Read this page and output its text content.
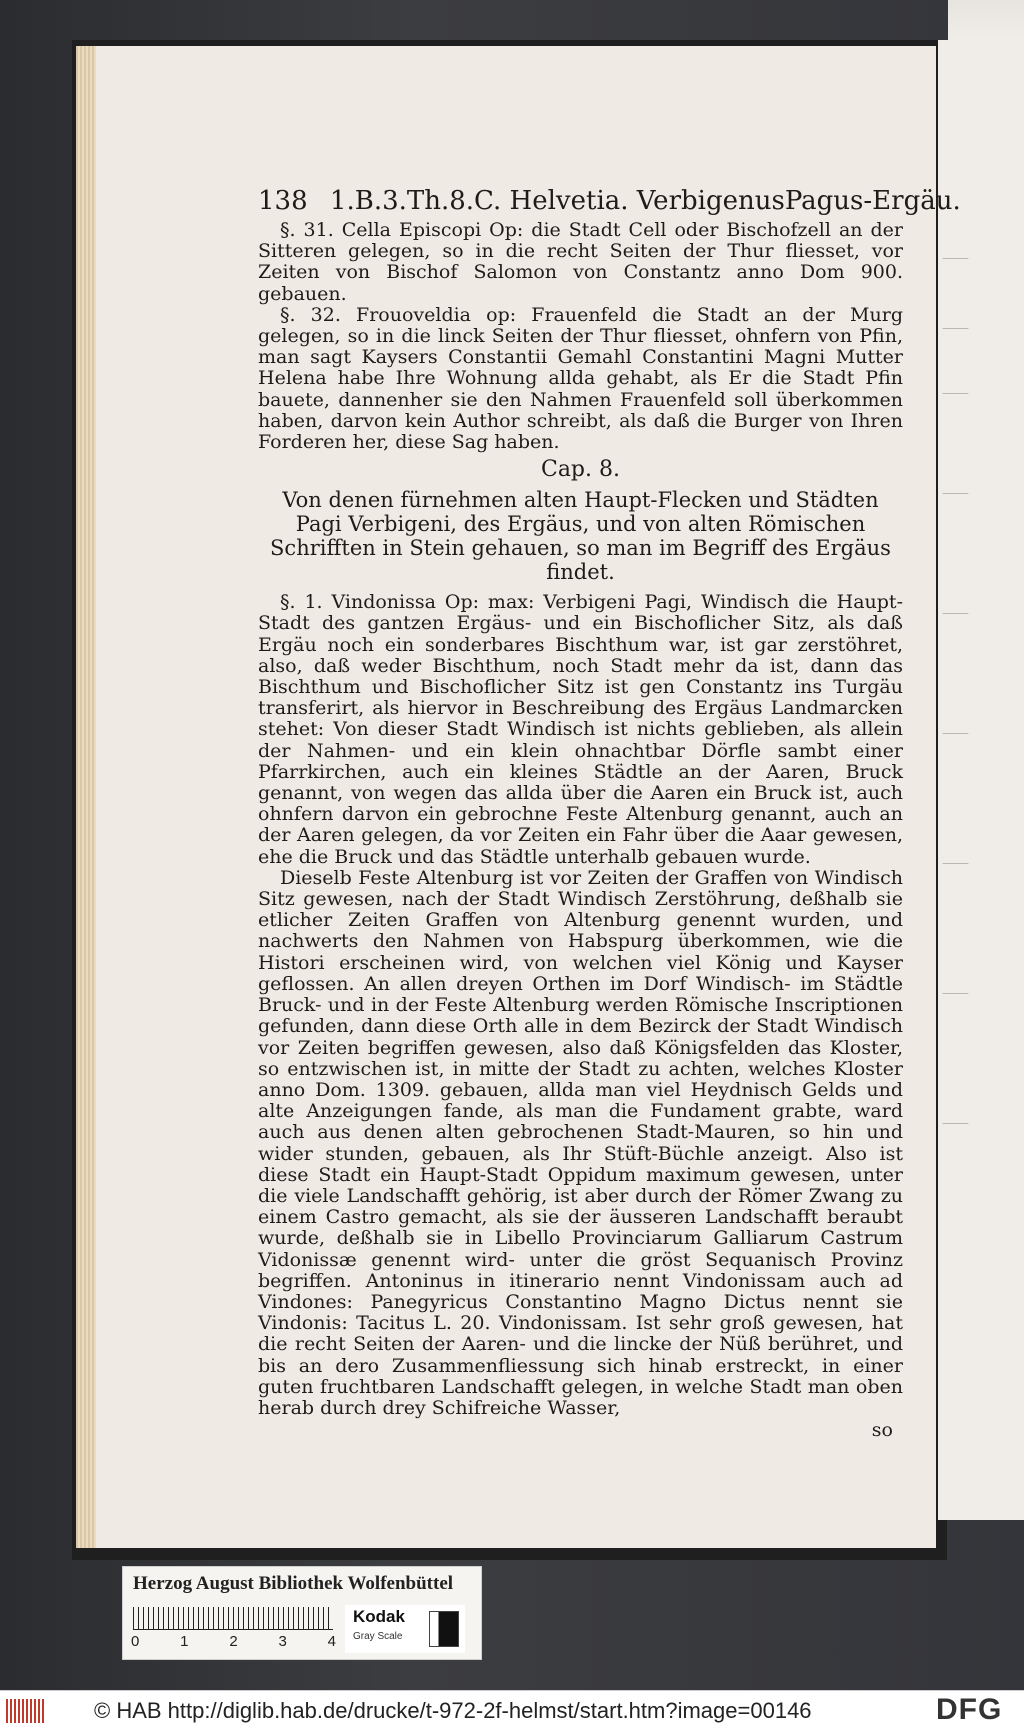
⸺
⸺
⸺
⸺
⸺
⸺
⸺
⸺
⸺
138 1.B.3.Th.8.C. Helvetia. VerbigenusPagus-Ergäu.

§. 31. Cella Episcopi Op: die Stadt Cell oder Bischofzell an der Sitteren gelegen, so in die recht Seiten der Thur fliesset, vor Zeiten von Bischof Salomon von Constantz anno Dom 900. gebauen.

§. 32. Frouoveldia op: Frauenfeld die Stadt an der Murg gelegen, so in die linck Seiten der Thur fliesset, ohnfern von Pfin, man sagt Kaysers Constantii Gemahl Constantini Magni Mutter Helena habe Ihre Wohnung allda gehabt, als Er die Stadt Pfin bauete, dannenher sie den Nahmen Frauenfeld soll überkommen haben, darvon kein Author schreibt, als daß die Burger von Ihren Forderen her, diese Sag haben.

Cap. 8.
Von denen fürnehmen alten Haupt-Flecken und Städten Pagi Verbigeni, des Ergäus, und von alten Römischen Schrifften in Stein gehauen, so man im Begriff des Ergäus findet.

§. 1. Vindonissa Op: max: Verbigeni Pagi, Windisch die Haupt-Stadt des gantzen Ergäus- und ein Bischoflicher Sitz, als daß Ergäu noch ein sonderbares Bischthum war, ist gar zerstöhret, also, daß weder Bischthum, noch Stadt mehr da ist, dann das Bischthum und Bischoflicher Sitz ist gen Constantz ins Turgäu transferirt, als hiervor in Beschreibung des Ergäus Landmarcken stehet: Von dieser Stadt Windisch ist nichts geblieben, als allein der Nahmen- und ein klein ohnachtbar Dörfle sambt einer Pfarrkirchen, auch ein kleines Städtle an der Aaren, Bruck genannt, von wegen das allda über die Aaren ein Bruck ist, auch ohnfern darvon ein gebrochne Feste Altenburg genannt, auch an der Aaren gelegen, da vor Zeiten ein Fahr über die Aaar gewesen, ehe die Bruck und das Städtle unterhalb gebauen wurde.

Dieselb Feste Altenburg ist vor Zeiten der Graffen von Windisch Sitz gewesen, nach der Stadt Windisch Zerstöhrung, deßhalb sie etlicher Zeiten Graffen von Altenburg genennt wurden, und nachwerts den Nahmen von Habspurg überkommen, wie die Histori erscheinen wird, von welchen viel König und Kayser geflossen. An allen dreyen Orthen im Dorf Windisch- im Städtle Bruck- und in der Feste Altenburg werden Römische Inscriptionen gefunden, dann diese Orth alle in dem Bezirck der Stadt Windisch vor Zeiten begriffen gewesen, also daß Königsfelden das Kloster, so entzwischen ist, in mitte der Stadt zu achten, welches Kloster anno Dom. 1309. gebauen, allda man viel Heydnisch Gelds und alte Anzeigungen fande, als man die Fundament grabte, ward auch aus denen alten gebrochenen Stadt-Mauren, so hin und wider stunden, gebauen, als Ihr Stüft-Büchle anzeigt. Also ist diese Stadt ein Haupt-Stadt Oppidum maximum gewesen, unter die viele Landschafft gehörig, ist aber durch der Römer Zwang zu einem Castro gemacht, als sie der äusseren Landschafft beraubt wurde, deßhalb sie in Libello Provinciarum Galliarum Castrum Vidonissæ genennt wird- unter die gröst Sequanisch Provinz begriffen. Antoninus in itinerario nennt Vindonissam auch ad Vindones: Panegyricus Constantino Magno Dictus nennt sie Vindonis: Tacitus L. 20. Vindonissam. Ist sehr groß gewesen, hat die recht Seiten der Aaren- und die lincke der Nüß berühret, und bis an dero Zusammenfliessung sich hinab erstreckt, in einer guten fruchtbaren Landschafft gelegen, in welche Stadt man oben herab durch drey Schifreiche Wasser,

so
Herzog August Bibliothek Wolfenbüttel
0	1	2	3	4
Kodak
Gray Scale
© HAB http://diglib.hab.de/drucke/t-972-2f-helmst/start.htm?image=00146	DFG
